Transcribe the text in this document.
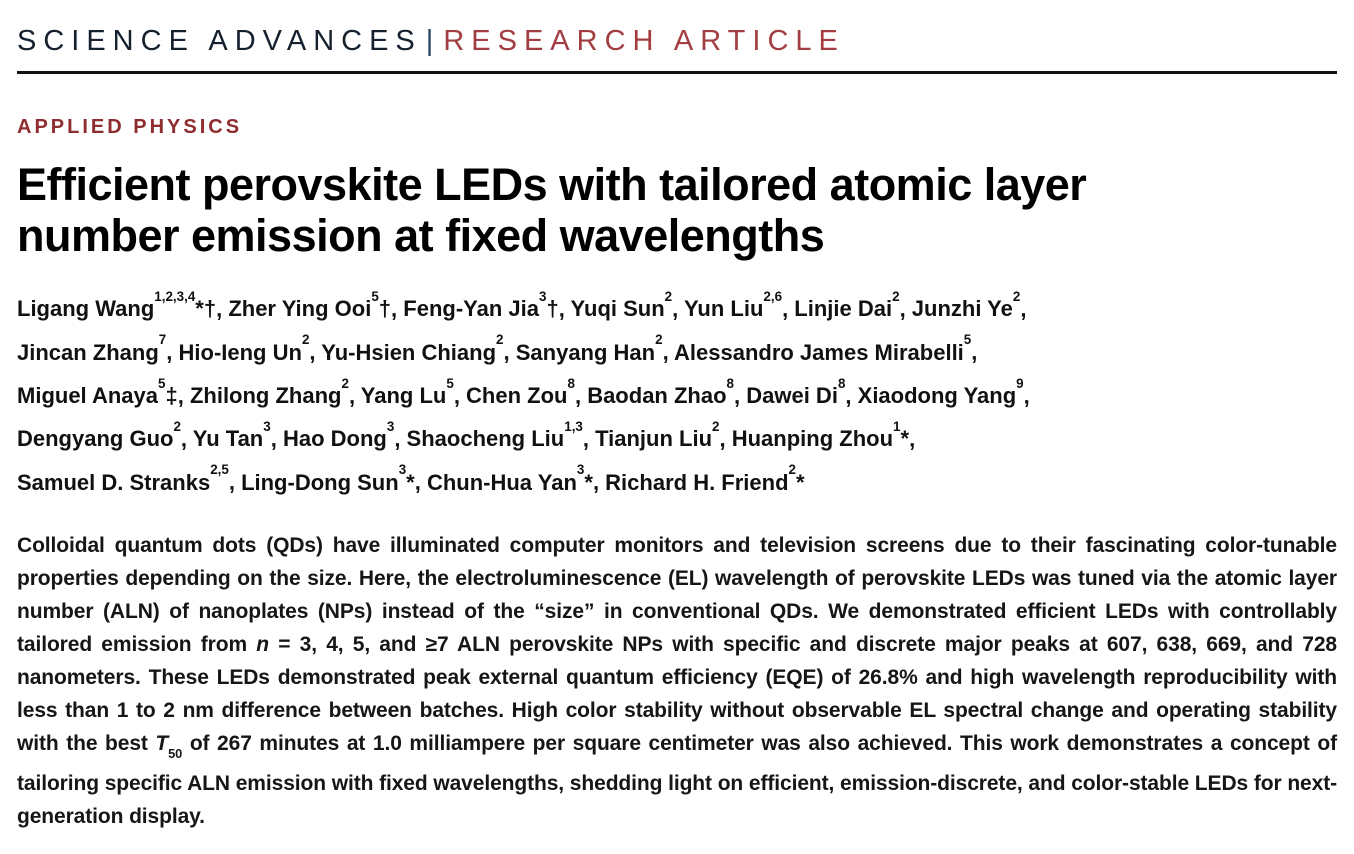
SCIENCE ADVANCES | RESEARCH ARTICLE
APPLIED PHYSICS
Efficient perovskite LEDs with tailored atomic layer
number emission at fixed wavelengths
Ligang Wang$^{1,2,3,4}$*†, Zher Ying Ooi$^5$†, Feng-Yan Jia$^3$†, Yuqi Sun$^2$, Yun Liu$^{2,6}$, Linjie Dai$^2$, Junzhi Ye$^2$,
Jincan Zhang$^7$, Hio-Ieng Un$^2$, Yu-Hsien Chiang$^2$, Sanyang Han$^2$, Alessandro James Mirabelli$^5$,
Miguel Anaya$^5$‡, Zhilong Zhang$^2$, Yang Lu$^5$, Chen Zou$^8$, Baodan Zhao$^8$, Dawei Di$^8$, Xiaodong Yang$^9$,
Dengyang Guo$^2$, Yu Tan$^3$, Hao Dong$^3$, Shaocheng Liu$^{1,3}$, Tianjun Liu$^2$, Huanping Zhou$^1$*,
Samuel D. Stranks$^{2,5}$, Ling-Dong Sun$^3$*, Chun-Hua Yan$^3$*, Richard H. Friend$^2$*

Colloidal quantum dots (QDs) have illuminated computer monitors and television screens due to their fascinating color-tunable properties depending on the size. Here, the electroluminescence (EL) wavelength of perovskite LEDs was tuned via the atomic layer number (ALN) of nanoplates (NPs) instead of the “size” in conventional QDs. We demonstrated efficient LEDs with controllably tailored emission from n = 3, 4, 5, and ≥7 ALN perovskite NPs with specific and discrete major peaks at 607, 638, 669, and 728 nanometers. These LEDs demonstrated peak external quantum efficiency (EQE) of 26.8% and high wavelength reproducibility with less than 1 to 2 nm difference between batches. High color stability without observable EL spectral change and operating stability with the best $T_{50}$ of 267 minutes at 1.0 milliampere per square centimeter was also achieved. This work demonstrates a concept of tailoring specific ALN emission with fixed wavelengths, shedding light on efficient, emission-discrete, and color-stable LEDs for next-generation display.
